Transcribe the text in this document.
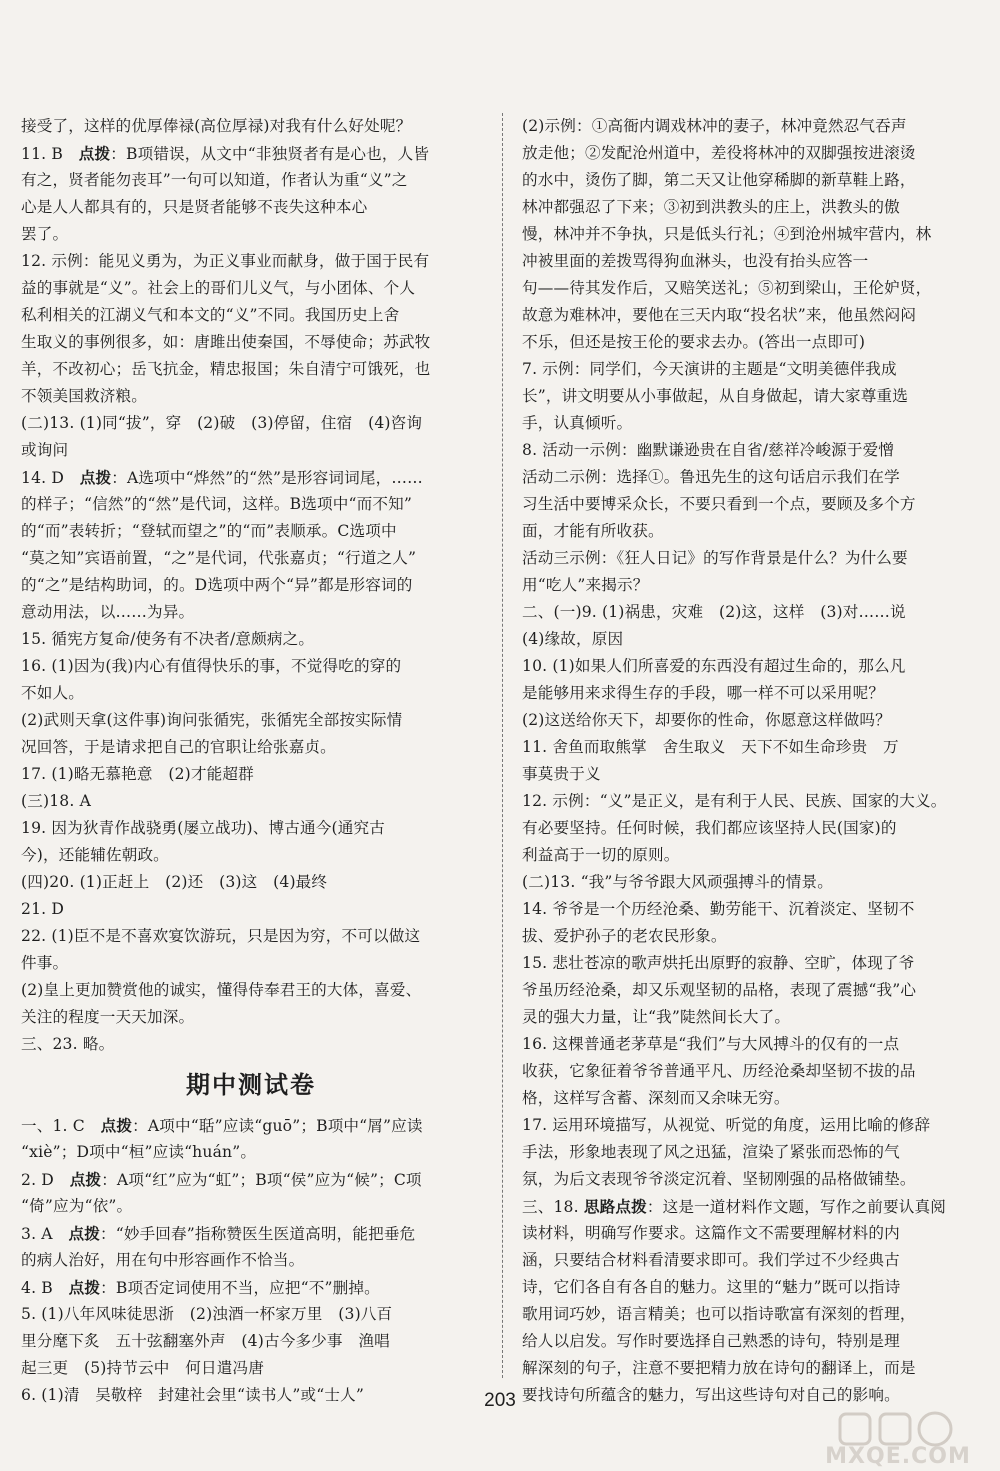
接受了，这样的优厚俸禄(高位厚禄)对我有什么好处呢？
11. B　点拨：B项错误，从文中“非独贤者有是心也，人皆
有之，贤者能勿丧耳”一句可以知道，作者认为重“义”之
心是人人都具有的，只是贤者能够不丧失这种本心
罢了。
12. 示例：能见义勇为，为正义事业而献身，做于国于民有
益的事就是“义”。社会上的哥们儿义气，与小团体、个人
私利相关的江湖义气和本文的“义”不同。我国历史上舍
生取义的事例很多，如：唐雎出使秦国，不辱使命；苏武牧
羊，不改初心；岳飞抗金，精忠报国；朱自清宁可饿死，也
不领美国救济粮。
(二)13. (1)同“拔”，穿　(2)破　(3)停留，住宿　(4)咨询
或询问
14. D　点拨：A选项中“烨然”的“然”是形容词词尾，……
的样子；“信然”的“然”是代词，这样。B选项中“而不知”
的“而”表转折；“登轼而望之”的“而”表顺承。C选项中
“莫之知”宾语前置，“之”是代词，代张嘉贞；“行道之人”
的“之”是结构助词，的。D选项中两个“异”都是形容词的
意动用法，以……为异。
15. 循宪方复命/使务有不决者/意颇病之。
16. (1)因为(我)内心有值得快乐的事，不觉得吃的穿的
不如人。
(2)武则天拿(这件事)询问张循宪，张循宪全部按实际情
况回答，于是请求把自己的官职让给张嘉贞。
17. (1)略无慕艳意　(2)才能超群
(三)18. A
19. 因为狄青作战骁勇(屡立战功)、博古通今(通究古
今)，还能辅佐朝政。
(四)20. (1)正赶上　(2)还　(3)这　(4)最终
21. D
22. (1)臣不是不喜欢宴饮游玩，只是因为穷，不可以做这
件事。
(2)皇上更加赞赏他的诚实，懂得侍奉君王的大体，喜爱、
关注的程度一天天加深。
三、23. 略。
期中测试卷
一、1. C　点拨：A项中“聒”应读“guō”；B项中“屑”应读
“xiè”；D项中“桓”应读“huán”。
2. D　点拨：A项“红”应为“虹”；B项“侯”应为“候”；C项
“倚”应为“依”。
3. A　点拨：“妙手回春”指称赞医生医道高明，能把垂危
的病人治好，用在句中形容画作不恰当。
4. B　点拨：B项否定词使用不当，应把“不”删掉。
5. (1)八年风味徒思浙　(2)浊酒一杯家万里　(3)八百
里分麾下炙　五十弦翻塞外声　(4)古今多少事　渔唱
起三更　(5)持节云中　何日遣冯唐
6. (1)清　吴敬梓　封建社会里“读书人”或“士人”
(2)示例：①高衙内调戏林冲的妻子，林冲竟然忍气吞声
放走他；②发配沧州道中，差役将林冲的双脚强按进滚烫
的水中，烫伤了脚，第二天又让他穿稀脚的新草鞋上路，
林冲都强忍了下来；③初到洪教头的庄上，洪教头的傲
慢，林冲并不争执，只是低头行礼；④到沧州城牢营内，林
冲被里面的差拨骂得狗血淋头，也没有抬头应答一
句——待其发作后，又赔笑送礼；⑤初到梁山，王伦妒贤，
故意为难林冲，要他在三天内取“投名状”来，他虽然闷闷
不乐，但还是按王伦的要求去办。(答出一点即可)
7. 示例：同学们，今天演讲的主题是“文明美德伴我成
长”，讲文明要从小事做起，从自身做起，请大家尊重选
手，认真倾听。
8. 活动一示例：幽默谦逊贵在自省/慈祥冷峻源于爱憎
活动二示例：选择①。鲁迅先生的这句话启示我们在学
习生活中要博采众长，不要只看到一个点，要顾及多个方
面，才能有所收获。
活动三示例：《狂人日记》的写作背景是什么？为什么要
用“吃人”来揭示？
二、(一)9. (1)祸患，灾难　(2)这，这样　(3)对……说
(4)缘故，原因
10. (1)如果人们所喜爱的东西没有超过生命的，那么凡
是能够用来求得生存的手段，哪一样不可以采用呢？
(2)这送给你天下，却要你的性命，你愿意这样做吗？
11. 舍鱼而取熊掌　舍生取义　天下不如生命珍贵　万
事莫贵于义
12. 示例：“义”是正义，是有利于人民、民族、国家的大义。
有必要坚持。任何时候，我们都应该坚持人民(国家)的
利益高于一切的原则。
(二)13. “我”与爷爷跟大风顽强搏斗的情景。
14. 爷爷是一个历经沧桑、勤劳能干、沉着淡定、坚韧不
拔、爱护孙子的老农民形象。
15. 悲壮苍凉的歌声烘托出原野的寂静、空旷，体现了爷
爷虽历经沧桑，却又乐观坚韧的品格，表现了震撼“我”心
灵的强大力量，让“我”陡然间长大了。
16. 这棵普通老茅草是“我们”与大风搏斗的仅有的一点
收获，它象征着爷爷普通平凡、历经沧桑却坚韧不拔的品
格，这样写含蓄、深刻而又余味无穷。
17. 运用环境描写，从视觉、听觉的角度，运用比喻的修辞
手法，形象地表现了风之迅猛，渲染了紧张而恐怖的气
氛，为后文表现爷爷淡定沉着、坚韧刚强的品格做铺垫。
三、18. 思路点拨：这是一道材料作文题，写作之前要认真阅
读材料，明确写作要求。这篇作文不需要理解材料的内
涵，只要结合材料看清要求即可。我们学过不少经典古
诗，它们各自有各自的魅力。这里的“魅力”既可以指诗
歌用词巧妙，语言精美；也可以指诗歌富有深刻的哲理，
给人以启发。写作时要选择自己熟悉的诗句，特别是理
解深刻的句子，注意不要把精力放在诗句的翻译上，而是
要找诗句所蕴含的魅力，写出这些诗句对自己的影响。
203
MXQE.COM
